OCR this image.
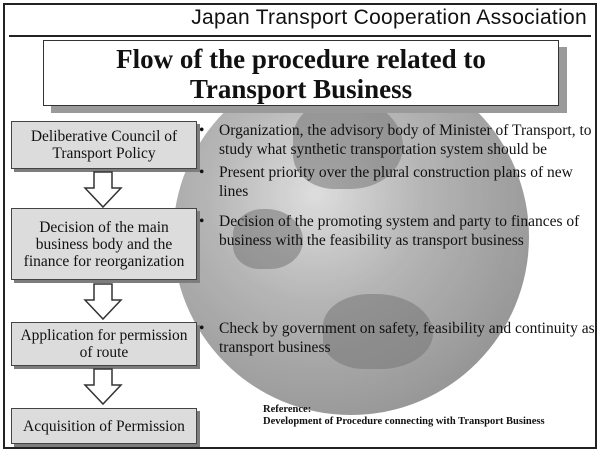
Japan Transport Cooperation Association
Flow of the procedure related to
Transport Business
Deliberative Council of Transport Policy
Decision of the main business body and the finance for reorganization
Application for permission of route
Acquisition of Permission
• Organization, the advisory body of Minister of Transport, to study what synthetic transportation system should be
• Present priority over the plural construction plans of new lines
• Decision of the promoting system and party to finances of business with the feasibility as transport business
• Check by government on safety, feasibility and continuity as transport business
Reference:
Development of Procedure connecting with Transport Business
